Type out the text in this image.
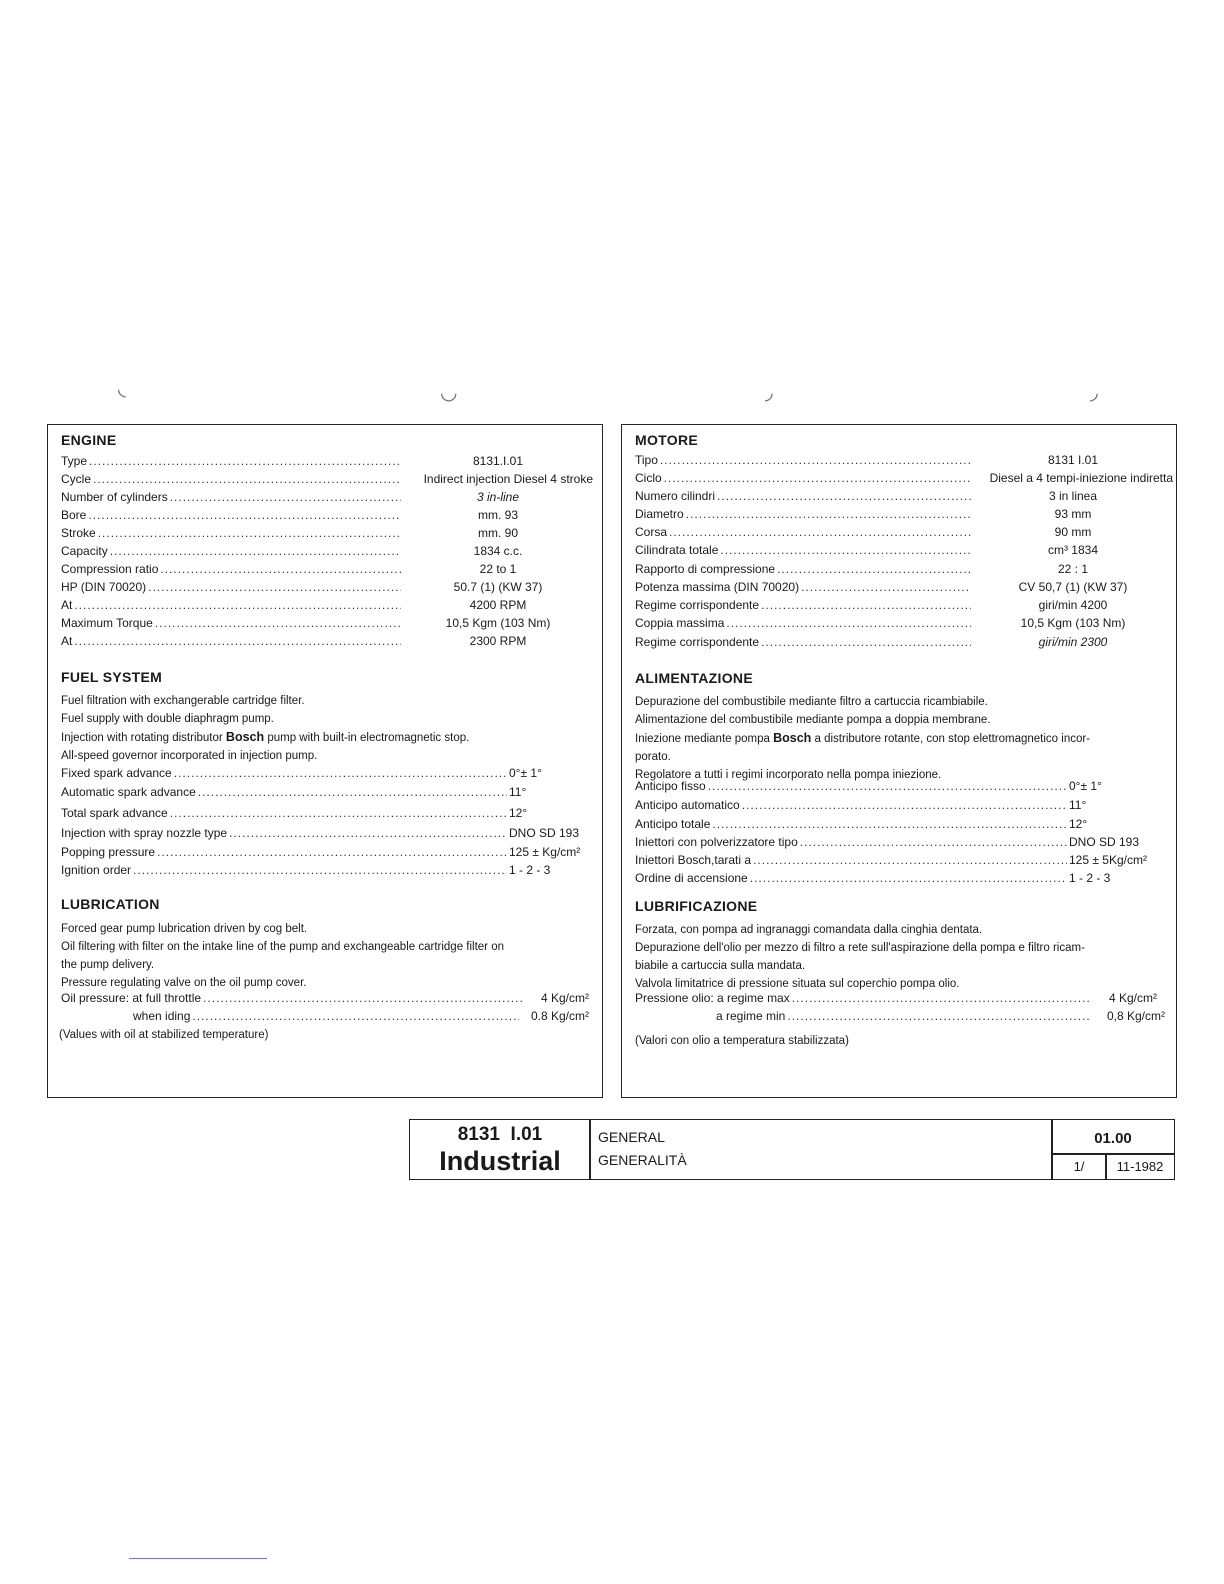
◟	◡	◞	◞
ENGINE
Type .....	8131.I.01
Cycle .....	Indirect injection Diesel 4 stroke
Number of cylinders .....	3 in-line
Bore .....	mm. 93
Stroke .....	mm. 90
Capacity .....	1834 c.c.
Compression ratio .....	22 to 1
HP (DIN 70020) .....	50.7 (1) (KW 37)
At .....	4200 RPM
Maximum Torque .....	10,5 Kgm (103 Nm)
At .....	2300 RPM
FUEL SYSTEM
Fuel filtration with exchangerable cartridge filter.
Fuel supply with double diaphragm pump.
Injection with rotating distributor Bosch pump with built-in electromagnetic stop.
All-speed governor incorporated in injection pump.
Fixed spark advance .....	0°± 1°
Automatic spark advance .....	11°
Total spark advance .....	12°
Injection with spray nozzle type .....	DNO SD 193
Popping pressure .....	125 ± Kg/cm²
Ignition order .....	1 - 2 - 3
LUBRICATION
Forced gear pump lubrication driven by cog belt.
Oil filtering with filter on the intake line of the pump and exchangeable cartridge filter on
the pump delivery.
Pressure regulating valve on the oil pump cover.
Oil pressure: at full throttle .....	4 Kg/cm²
when iding .....	0.8 Kg/cm²
(Values with oil at stabilized temperature)
MOTORE
Tipo .....	8131 I.01
Ciclo .....	Diesel a 4 tempi-iniezione indiretta
Numero cilindri .....	3 in linea
Diametro .....	93 mm
Corsa .....	90 mm
Cilindrata totale .....	cm³ 1834
Rapporto di compressione .....	22 : 1
Potenza massima (DIN 70020) .....	CV 50,7 (1) (KW 37)
Regime corrispondente .....	giri/min 4200
Coppia massima .....	10,5 Kgm (103 Nm)
Regime corrispondente .....	giri/min 2300
ALIMENTAZIONE
Depurazione del combustibile mediante filtro a cartuccia ricambiabile.
Alimentazione del combustibile mediante pompa a doppia membrane.
Iniezione mediante pompa Bosch a distributore rotante, con stop elettromagnetico incor-
porato.
Regolatore a tutti i regimi incorporato nella pompa iniezione.
Anticipo fisso .....	0°± 1°
Anticipo automatico .....	11°
Anticipo totale .....	12°
Iniettori con polverizzatore tipo .....	DNO SD 193
Iniettori Bosch,tarati a .....	125 ± 5Kg/cm²
Ordine di accensione .....	1 - 2 - 3
LUBRIFICAZIONE
Forzata, con pompa ad ingranaggi comandata dalla cinghia dentata.
Depurazione dell'olio per mezzo di filtro a rete sull'aspirazione della pompa e filtro ricam-
biabile a cartuccia sulla mandata.
Valvola limitatrice di pressione situata sul coperchio pompa olio.
Pressione olio: a regime max .....	4 Kg/cm²
a regime min .....	0,8 Kg/cm²
(Valori con olio a temperatura stabilizzata)
8131  I.01
Industrial
GENERAL
GENERALITÀ
01.00
1/	11-1982
